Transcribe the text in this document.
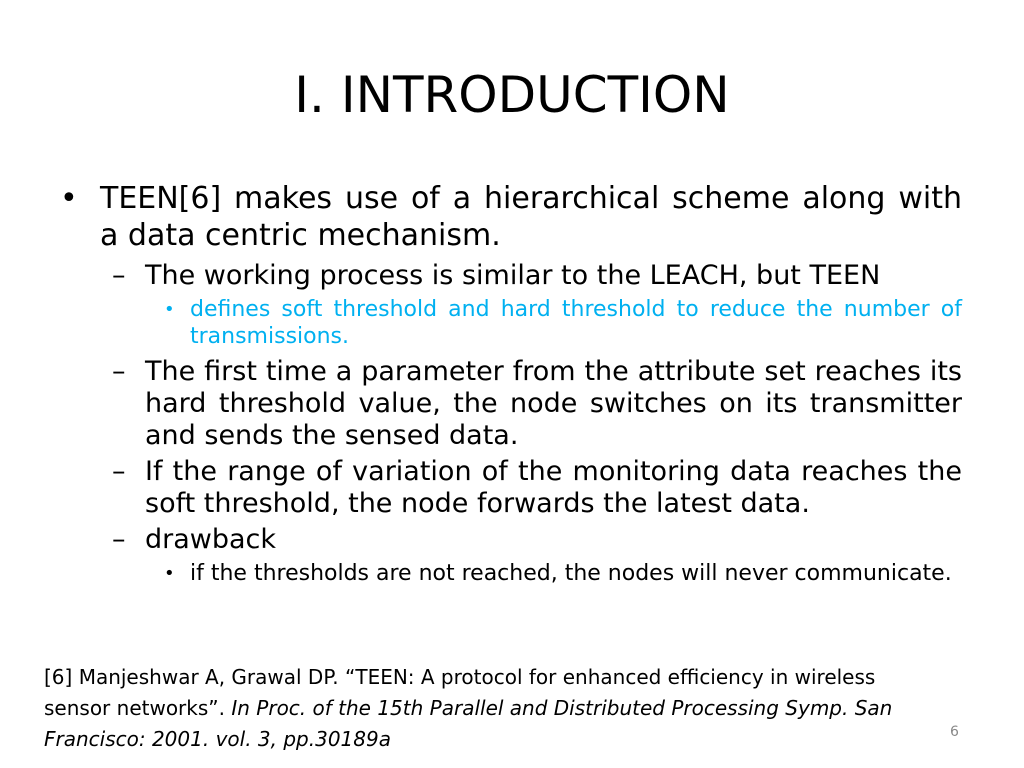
I. INTRODUCTION
• TEEN[6] makes use of a hierarchical scheme along with a data centric mechanism.
– The working process is similar to the LEACH, but TEEN
• defines soft threshold and hard threshold to reduce the number of transmissions.
– The first time a parameter from the attribute set reaches its hard threshold value, the node switches on its transmitter and sends the sensed data.
– If the range of variation of the monitoring data reaches the soft threshold, the node forwards the latest data.
– drawback
• if the thresholds are not reached, the nodes will never communicate.
[6] Manjeshwar A, Grawal DP. “TEEN: A protocol for enhanced efficiency in wireless sensor networks”. In Proc. of the 15th Parallel and Distributed Processing Symp. San Francisco: 2001. vol. 3, pp.30189a	6
